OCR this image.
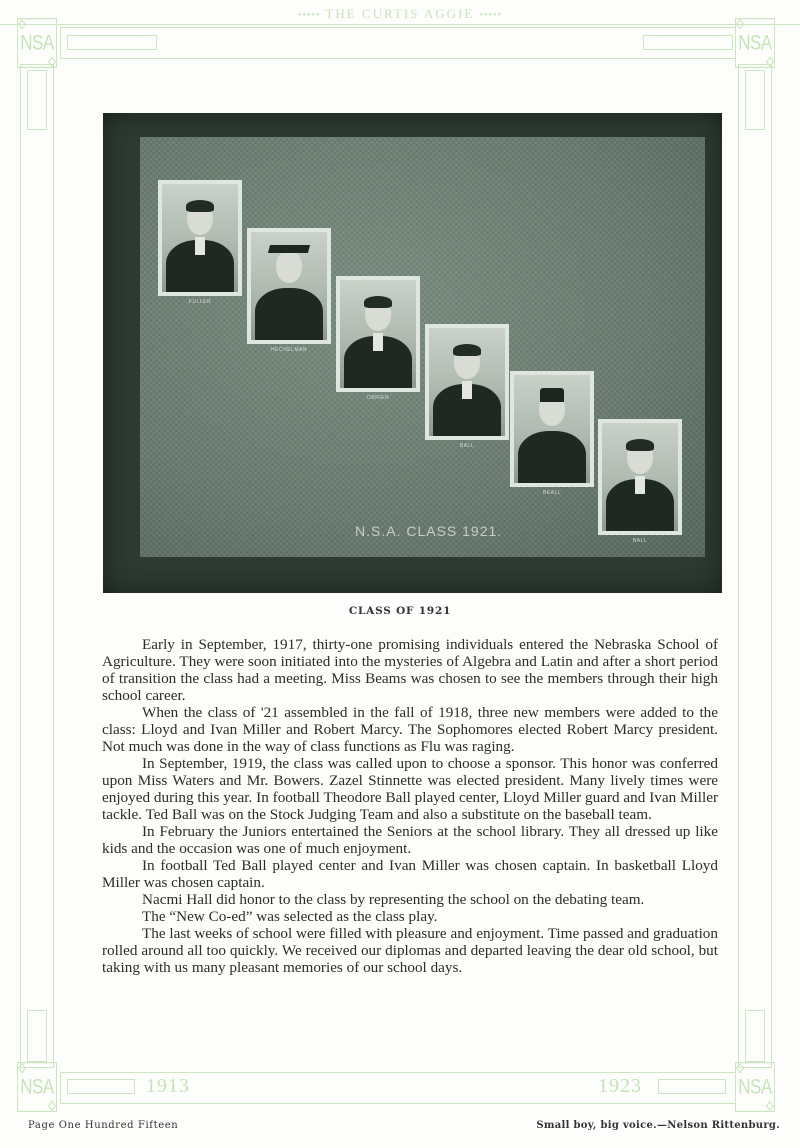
••••• THE CURTIS AGGIE •••••
NSA	NSA
NSA	NSA
1913	1923
FULLER
HECHELMAN
OBRIEN
BALL
BEALL
BALL
N.S.A. CLASS 1921.
CLASS OF 1921

Early in September, 1917, thirty-one promising individuals entered the Nebraska School of Agriculture. They were soon initiated into the mysteries of Algebra and Latin and after a short period of transition the class had a meeting. Miss Beams was chosen to see the members through their high school career.

When the class of '21 assembled in the fall of 1918, three new members were added to the class: Lloyd and Ivan Miller and Robert Marcy. The Sophomores elected Robert Marcy president. Not much was done in the way of class functions as Flu was raging.

In September, 1919, the class was called upon to choose a sponsor. This honor was conferred upon Miss Waters and Mr. Bowers. Zazel Stinnette was elected president. Many lively times were enjoyed during this year. In football Theodore Ball played center, Lloyd Miller guard and Ivan Miller tackle. Ted Ball was on the Stock Judging Team and also a substitute on the baseball team.

In February the Juniors entertained the Seniors at the school library. They all dressed up like kids and the occasion was one of much enjoyment.

In football Ted Ball played center and Ivan Miller was chosen captain. In basketball Lloyd Miller was chosen captain.

Nacmi Hall did honor to the class by representing the school on the debating team.

The “New Co-ed” was selected as the class play.

The last weeks of school were filled with pleasure and enjoyment. Time passed and graduation rolled around all too quickly. We received our diplomas and departed leaving the dear old school, but taking with us many pleasant memories of our school days.

Page One Hundred Fifteen	Small boy, big voice.—Nelson Rittenburg.
